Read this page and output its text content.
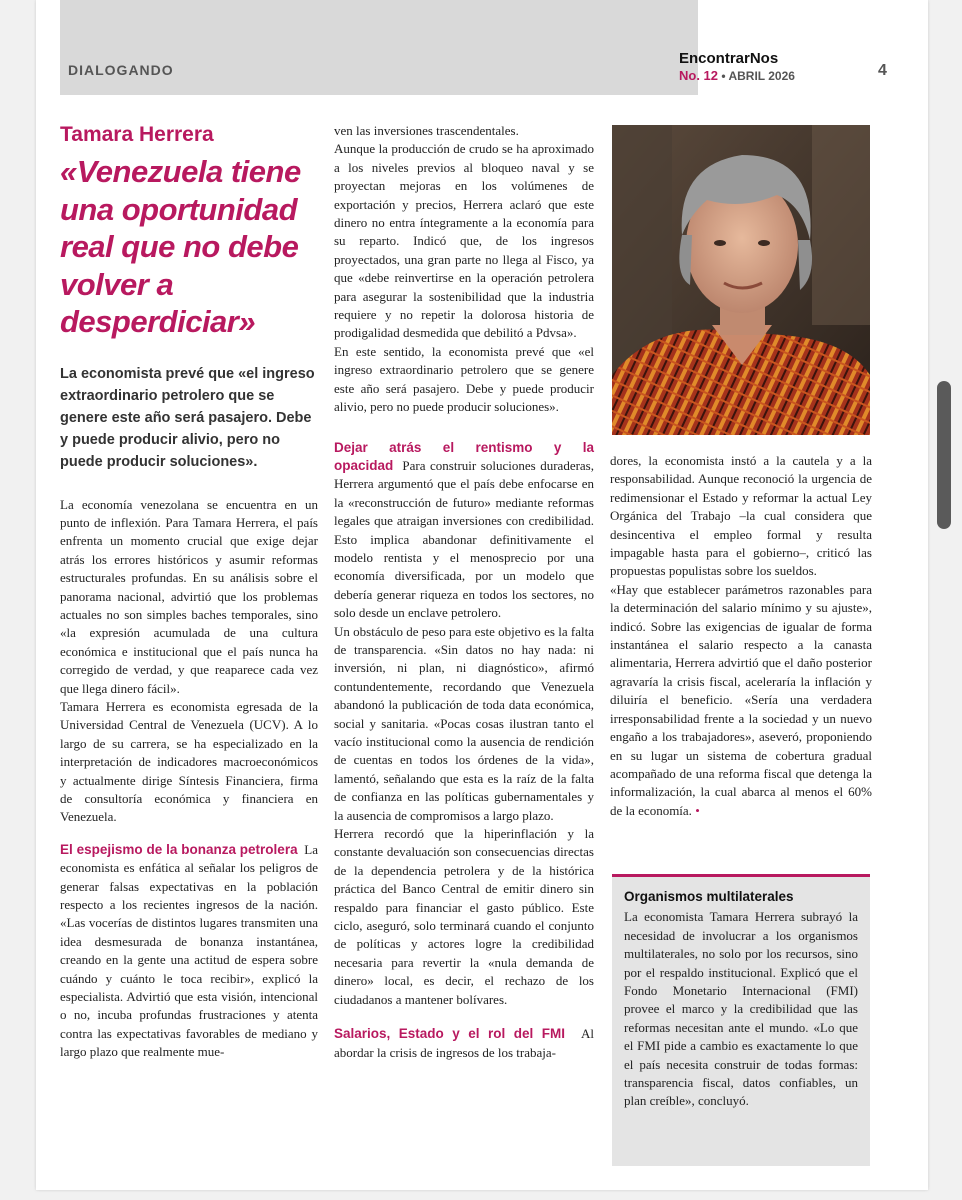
DIALOGANDO
EncontrarNos
No. 12 • ABRIL 2026	4
Tamara Herrera
«Venezuela tiene una oportunidad real que no debe volver a desperdiciar»
La economista prevé que «el ingreso extraordinario petrolero que se genere este año será pasajero. Debe y puede producir alivio, pero no puede producir soluciones».

La economía venezolana se encuentra en un punto de inflexión. Para Tamara Herrera, el país enfrenta un momento crucial que exige dejar atrás los errores históricos y asumir reformas estructurales profundas. En su análisis sobre el panorama nacional, advirtió que los problemas actuales no son simples baches temporales, sino «la expresión acumulada de una cultura económica e institucional que el país nunca ha corregido de verdad, y que reaparece cada vez que llega dinero fácil».

Tamara Herrera es economista egresada de la Universidad Central de Venezuela (UCV). A lo largo de su carrera, se ha especializado en la interpretación de indicadores macroeconómicos y actualmente dirige Síntesis Financiera, firma de consultoría económica y financiera en Venezuela.

El espejismo de la bonanza petrolera La economista es enfática al señalar los peligros de generar falsas expectativas en la población respecto a los recientes ingresos de la nación. «Las vocerías de distintos lugares transmiten una idea desmesurada de bonanza instantánea, creando en la gente una actitud de espera sobre cuándo y cuánto le toca recibir», explicó la especialista. Advirtió que esta visión, intencional o no, incuba profundas frustraciones y atenta contra las expectativas favorables de mediano y largo plazo que realmente mue-

ven las inversiones trascendentales.

Aunque la producción de crudo se ha aproximado a los niveles previos al bloqueo naval y se proyectan mejoras en los volúmenes de exportación y precios, Herrera aclaró que este dinero no entra íntegramente a la economía para su reparto. Indicó que, de los ingresos proyectados, una gran parte no llega al Fisco, ya que «debe reinvertirse en la operación petrolera para asegurar la sostenibilidad que la industria requiere y no repetir la dolorosa historia de prodigalidad desmedida que debilitó a Pdvsa».

En este sentido, la economista prevé que «el ingreso extraordinario petrolero que se genere este año será pasajero. Debe y puede producir alivio, pero no puede producir soluciones».

Dejar atrás el rentismo y la opacidad Para construir soluciones duraderas, Herrera argumentó que el país debe enfocarse en la «reconstrucción de futuro» mediante reformas legales que atraigan inversiones con credibilidad. Esto implica abandonar definitivamente el modelo rentista y el menosprecio por una economía diversificada, por un modelo que debería generar riqueza en todos los sectores, no solo desde un enclave petrolero.

Un obstáculo de peso para este objetivo es la falta de transparencia. «Sin datos no hay nada: ni inversión, ni plan, ni diagnóstico», afirmó contundentemente, recordando que Venezuela abandonó la publicación de toda data económica, social y sanitaria. «Pocas cosas ilustran tanto el vacío institucional como la ausencia de rendición de cuentas en todos los órdenes de la vida», lamentó, señalando que esta es la raíz de la falta de confianza en las políticas gubernamentales y la ausencia de compromisos a largo plazo.

Herrera recordó que la hiperinflación y la constante devaluación son consecuencias directas de la dependencia petrolera y de la histórica práctica del Banco Central de emitir dinero sin respaldo para financiar el gasto público. Este ciclo, aseguró, solo terminará cuando el conjunto de políticas y actores logre la credibilidad necesaria para revertir la «nula demanda de dinero» local, es decir, el rechazo de los ciudadanos a mantener bolívares.

Salarios, Estado y el rol del FMI Al abordar la crisis de ingresos de los trabaja-

dores, la economista instó a la cautela y a la responsabilidad. Aunque reconoció la urgencia de redimensionar el Estado y reformar la actual Ley Orgánica del Trabajo –la cual considera que desincentiva el empleo formal y resulta impagable hasta para el gobierno–, criticó las propuestas populistas sobre los sueldos.

«Hay que establecer parámetros razonables para la determinación del salario mínimo y su ajuste», indicó. Sobre las exigencias de igualar de forma instantánea el salario respecto a la canasta alimentaria, Herrera advirtió que el daño posterior agravaría la crisis fiscal, aceleraría la inflación y diluiría el beneficio. «Sería una verdadera irresponsabilidad frente a la sociedad y un nuevo engaño a los trabajadores», aseveró, proponiendo en su lugar un sistema de cobertura gradual acompañado de una reforma fiscal que detenga la informalización, la cual abarca al menos el 60% de la economía. •

Organismos multilaterales
La economista Tamara Herrera subrayó la necesidad de involucrar a los organismos multilaterales, no solo por los recursos, sino por el respaldo institucional. Explicó que el Fondo Monetario Internacional (FMI) provee el marco y la credibilidad que las reformas necesitan ante el mundo. «Lo que el FMI pide a cambio es exactamente lo que el país necesita construir de todas formas: transparencia fiscal, datos confiables, un plan creíble», concluyó.
